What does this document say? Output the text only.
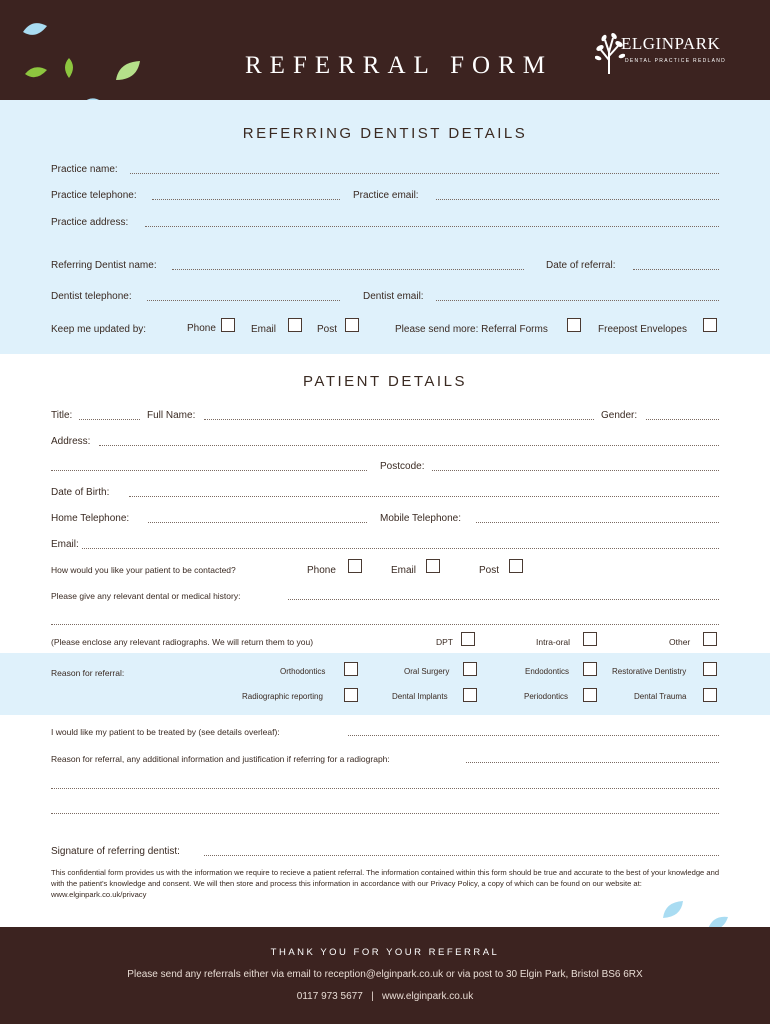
REFERRAL FORM
ELGINPARK
DENTAL PRACTICE REDLAND
REFERRING DENTIST DETAILS
Practice name:
Practice telephone:	Practice email:
Practice address:
Referring Dentist name:	Date of referral:
Dentist telephone:	Dentist email:
Keep me updated by:	Phone	Email	Post	Please send more: Referral Forms	Freepost Envelopes
PATIENT DETAILS
Title:	Full Name:	Gender:
Address:
Postcode:
Date of Birth:
Home Telephone:	Mobile Telephone:
Email:
How would you like your patient to be contacted?	Phone	Email	Post
Please give any relevant dental or medical history:
(Please enclose any relevant radiographs. We will return them to you)	DPT	Intra-oral	Other
Reason for referral:	Orthodontics	Oral Surgery	Endodontics	Restorative Dentistry
Radiographic reporting	Dental Implants	Periodontics	Dental Trauma
I would like my patient to be treated by (see details overleaf):
Reason for referral, any additional information and justification if referring for a radiograph:
Signature of referring dentist:
This confidential form provides us with the information we require to recieve a patient referral. The information contained within this form should be true and accurate to the best of your knowledge and with the patient's knowledge and consent. We will then store and process this information in accordance with our Privacy Policy, a copy of which can be found on our website at: www.elginpark.co.uk/privacy
THANK YOU FOR YOUR REFERRAL
Please send any referrals either via email to reception@elginpark.co.uk or via post to 30 Elgin Park, Bristol BS6 6RX
0117 973 5677   |   www.elginpark.co.uk
